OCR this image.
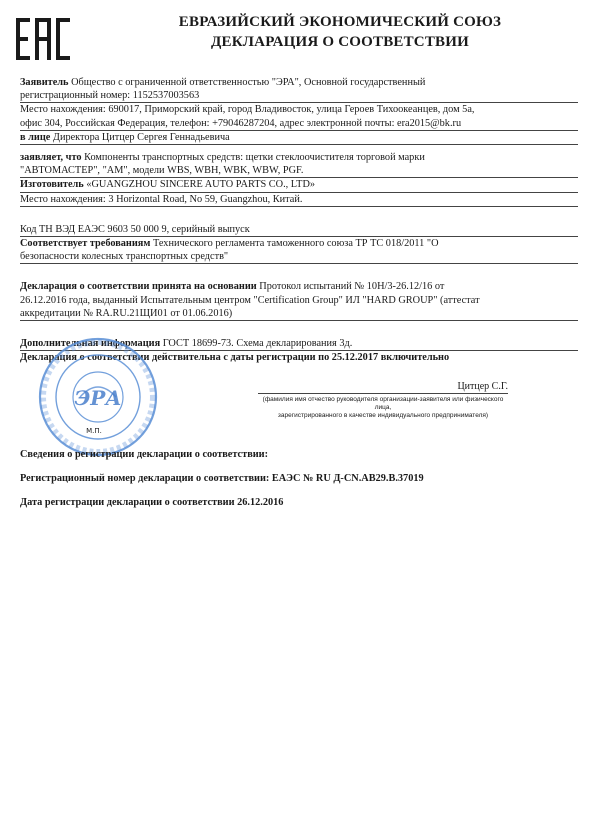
ЕВРАЗИЙСКИЙ ЭКОНОМИЧЕСКИЙ СОЮЗ
ДЕКЛАРАЦИЯ О СООТВЕТСТВИИ
Заявитель Общество с ограниченной ответственностью "ЭРА", Основной государственный
регистрационный номер: 1152537003563
Место нахождения: 690017, Приморский край, город Владивосток, улица Героев Тихоокеанцев, дом 5а,
офис 304, Российская Федерация, телефон: +79046287204, адрес электронной почты: era2015@bk.ru
в лице Директора Цитцер Сергея Геннадьевича
заявляет, что Компоненты транспортных средств: щетки стеклоочистителя торговой марки
"АВТОМАСТЕР", "AM", модели WBS, WBH, WBK, WBW, PGF.
Изготовитель «GUANGZHOU SINCERE AUTO PARTS CO., LTD»
Место нахождения: 3 Horizontal Road, No 59, Guangzhou, Китай.
Код ТН ВЭД ЕАЭС 9603 50 000 9, серийный выпуск
Соответствует требованиям Технического регламента таможенного союза ТР ТС 018/2011 "О
безопасности колесных транспортных средств"
Декларация о соответствии принята на основании Протокол испытаний № 10Н/3-26.12/16 от
26.12.2016 года, выданный Испытательным центром "Certification Group" ИЛ "HARD GROUP" (аттестат
аккредитации № RA.RU.21ЩИ01 от 01.06.2016)
Дополнительная информация ГОСТ 18699-73. Схема декларирования 3д.
Декларация о соответствии действительна с даты регистрации по 25.12.2017 включительно
Цитцер С.Г.
(фамилия имя отчество руководителя организации-заявителя или физического лица,
зарегистрированного в качестве индивидуального предпринимателя)
ЭРА
М.П.
Сведения о регистрации декларации о соответствии:
Регистрационный номер декларации о соответствии: ЕАЭС № RU Д-CN.АВ29.В.37019
Дата регистрации декларации о соответствии 26.12.2016
